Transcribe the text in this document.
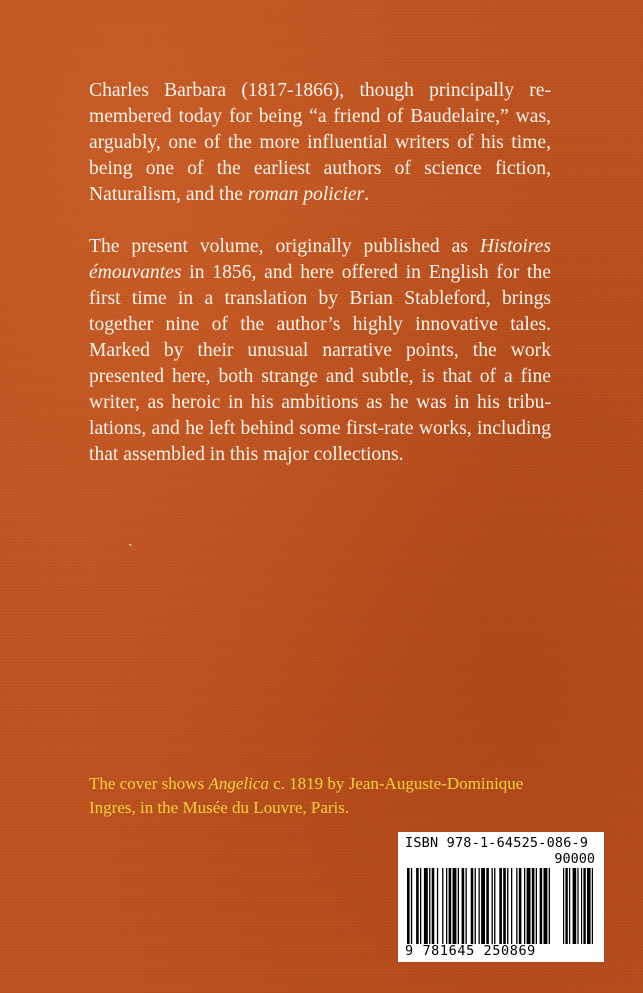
Charles Barbara (1817-1866), though principally remembered today for being “a friend of Baudelaire,” was, arguably, one of the more influential writers of his time, being one of the earliest authors of science fiction, Naturalism, and the roman policier.

The present volume, originally published as Histoires émouvantes in 1856, and here offered in English for the first time in a translation by Brian Stableford, brings together nine of the author’s highly innovative tales. Marked by their unusual narrative points, the work presented here, both strange and subtle, is that of a fine writer, as heroic in his ambitions as he was in his tribulations, and he left behind some first-rate works, including that assembled in this major collections.

ˎ
The cover shows Angelica c. 1819 by Jean-Auguste-Dominique Ingres, in the Musée du Louvre, Paris.
ISBN 978-1-64525-086-9
90000
9 781645 250869
